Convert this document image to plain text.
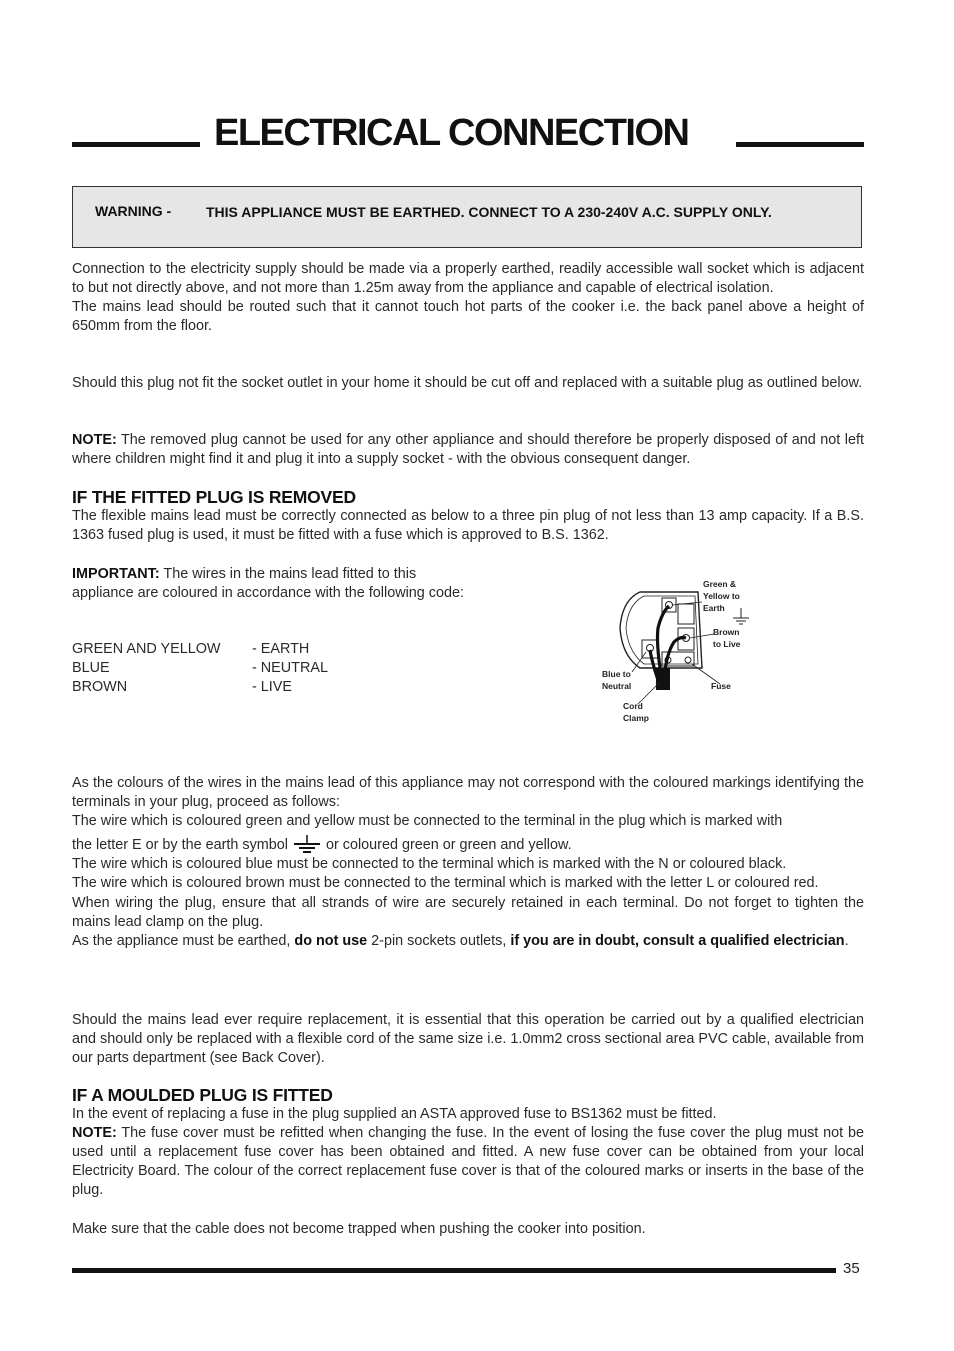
ELECTRICAL CONNECTION
WARNING - THIS APPLIANCE MUST BE EARTHED. CONNECT TO A 230-240V A.C. SUPPLY ONLY.

Connection to the electricity supply should be made via a properly earthed, readily accessible wall socket which is adjacent to but not directly above, and not more than 1.25m away from the appliance and capable of electrical isolation.
The mains lead should be routed such that it cannot touch hot parts of the cooker i.e. the back panel above a height of 650mm from the floor.

Should this plug not fit the socket outlet in your home it should be cut off and replaced with a suitable plug as outlined below.

NOTE: The removed plug cannot be used for any other appliance and should therefore be properly disposed of and not left where children might find it and plug it into a supply socket - with the obvious consequent danger.

IF THE FITTED PLUG IS REMOVED

The flexible mains lead must be correctly connected as below to a three pin plug of not less than 13 amp capacity. If a B.S. 1363 fused plug is used, it must be fitted with a fuse which is approved to B.S. 1362.

IMPORTANT: The wires in the mains lead fitted to this appliance are coloured in accordance with the following code:

GREEN AND YELLOW - EARTH
BLUE	- NEUTRAL
BROWN	- LIVE
Green &
Yellow to
Earth
Brown
to Live
Blue to
Neutral	Fuse
Cord
Clamp

As the colours of the wires in the mains lead of this appliance may not correspond with the coloured markings identifying the terminals in your plug, proceed as follows:
The wire which is coloured green and yellow must be connected to the terminal in the plug which is marked with
the letter E or by the earth symbol	or coloured green or green and yellow.
The wire which is coloured blue must be connected to the terminal which is marked with the N or coloured black.
The wire which is coloured brown must be connected to the terminal which is marked with the letter L or coloured red.
When wiring the plug, ensure that all strands of wire are securely retained in each terminal. Do not forget to tighten the mains lead clamp on the plug.
As the appliance must be earthed, do not use 2-pin sockets outlets, if you are in doubt, consult a qualified electrician.

Should the mains lead ever require replacement, it is essential that this operation be carried out by a qualified electrician and should only be replaced with a flexible cord of the same size i.e. 1.0mm2 cross sectional area PVC cable, available from our parts department (see Back Cover).

IF A MOULDED PLUG IS FITTED

In the event of replacing a fuse in the plug supplied an ASTA approved fuse to BS1362 must be fitted.
NOTE: The fuse cover must be refitted when changing the fuse. In the event of losing the fuse cover the plug must not be used until a replacement fuse cover has been obtained and fitted. A new fuse cover can be obtained from your local Electricity Board. The colour of the correct replacement fuse cover is that of the coloured marks or inserts in the base of the plug.

Make sure that the cable does not become trapped when pushing the cooker into position.

35
